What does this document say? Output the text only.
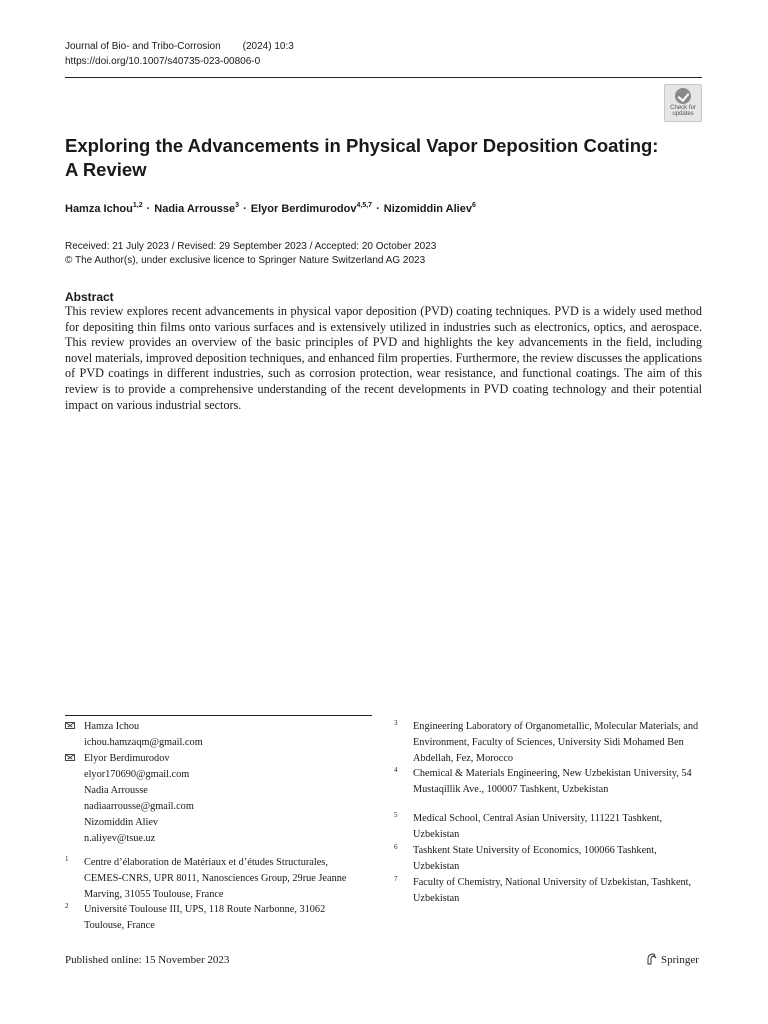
Journal of Bio- and Tribo-Corrosion (2024) 10:3
https://doi.org/10.1007/s40735-023-00806-0
Check for
updates
Exploring the Advancements in Physical Vapor Deposition Coating:
A Review
Hamza Ichou$^{1,2}$ · Nadia Arrousse$^3$ · Elyor Berdimurodov$^{4,5,7}$ · Nizomiddin Aliev$^6$
Received: 21 July 2023 / Revised: 29 September 2023 / Accepted: 20 October 2023
© The Author(s), under exclusive licence to Springer Nature Switzerland AG 2023
Abstract
This review explores recent advancements in physical vapor deposition (PVD) coating techniques. PVD is a widely used method for depositing thin films onto various surfaces and is extensively utilized in industries such as electronics, optics, and aerospace. This review provides an overview of the basic principles of PVD and highlights the key advancements in the field, including novel materials, improved deposition techniques, and enhanced film properties. Furthermore, the review discusses the applications of PVD coatings in different industries, such as corrosion protection, wear resistance, and functional coatings. The aim of this review is to provide a comprehensive understanding of the recent developments in PVD coating technology and their potential impact on various industrial sectors.
Hamza Ichou
ichou.hamzaqm@gmail.com
Elyor Berdimurodov
elyor170690@gmail.com
Nadia Arrousse
nadiaarrousse@gmail.com
Nizomiddin Aliev
n.aliyev@tsue.uz
1 Centre d’élaboration de Matériaux et d’études Structurales, CEMES-CNRS, UPR 8011, Nanosciences Group, 29rue Jeanne Marving, 31055 Toulouse, France
2 Université Toulouse III, UPS, 118 Route Narbonne, 31062 Toulouse, France
3 Engineering Laboratory of Organometallic, Molecular Materials, and Environment, Faculty of Sciences, University Sidi Mohamed Ben Abdellah, Fez, Morocco
4 Chemical & Materials Engineering, New Uzbekistan University, 54 Mustaqillik Ave., 100007 Tashkent, Uzbekistan
5 Medical School, Central Asian University, 111221 Tashkent, Uzbekistan
6 Tashkent State University of Economics, 100066 Tashkent, Uzbekistan
7 Faculty of Chemistry, National University of Uzbekistan, Tashkent, Uzbekistan
Published online: 15 November 2023	Springer
